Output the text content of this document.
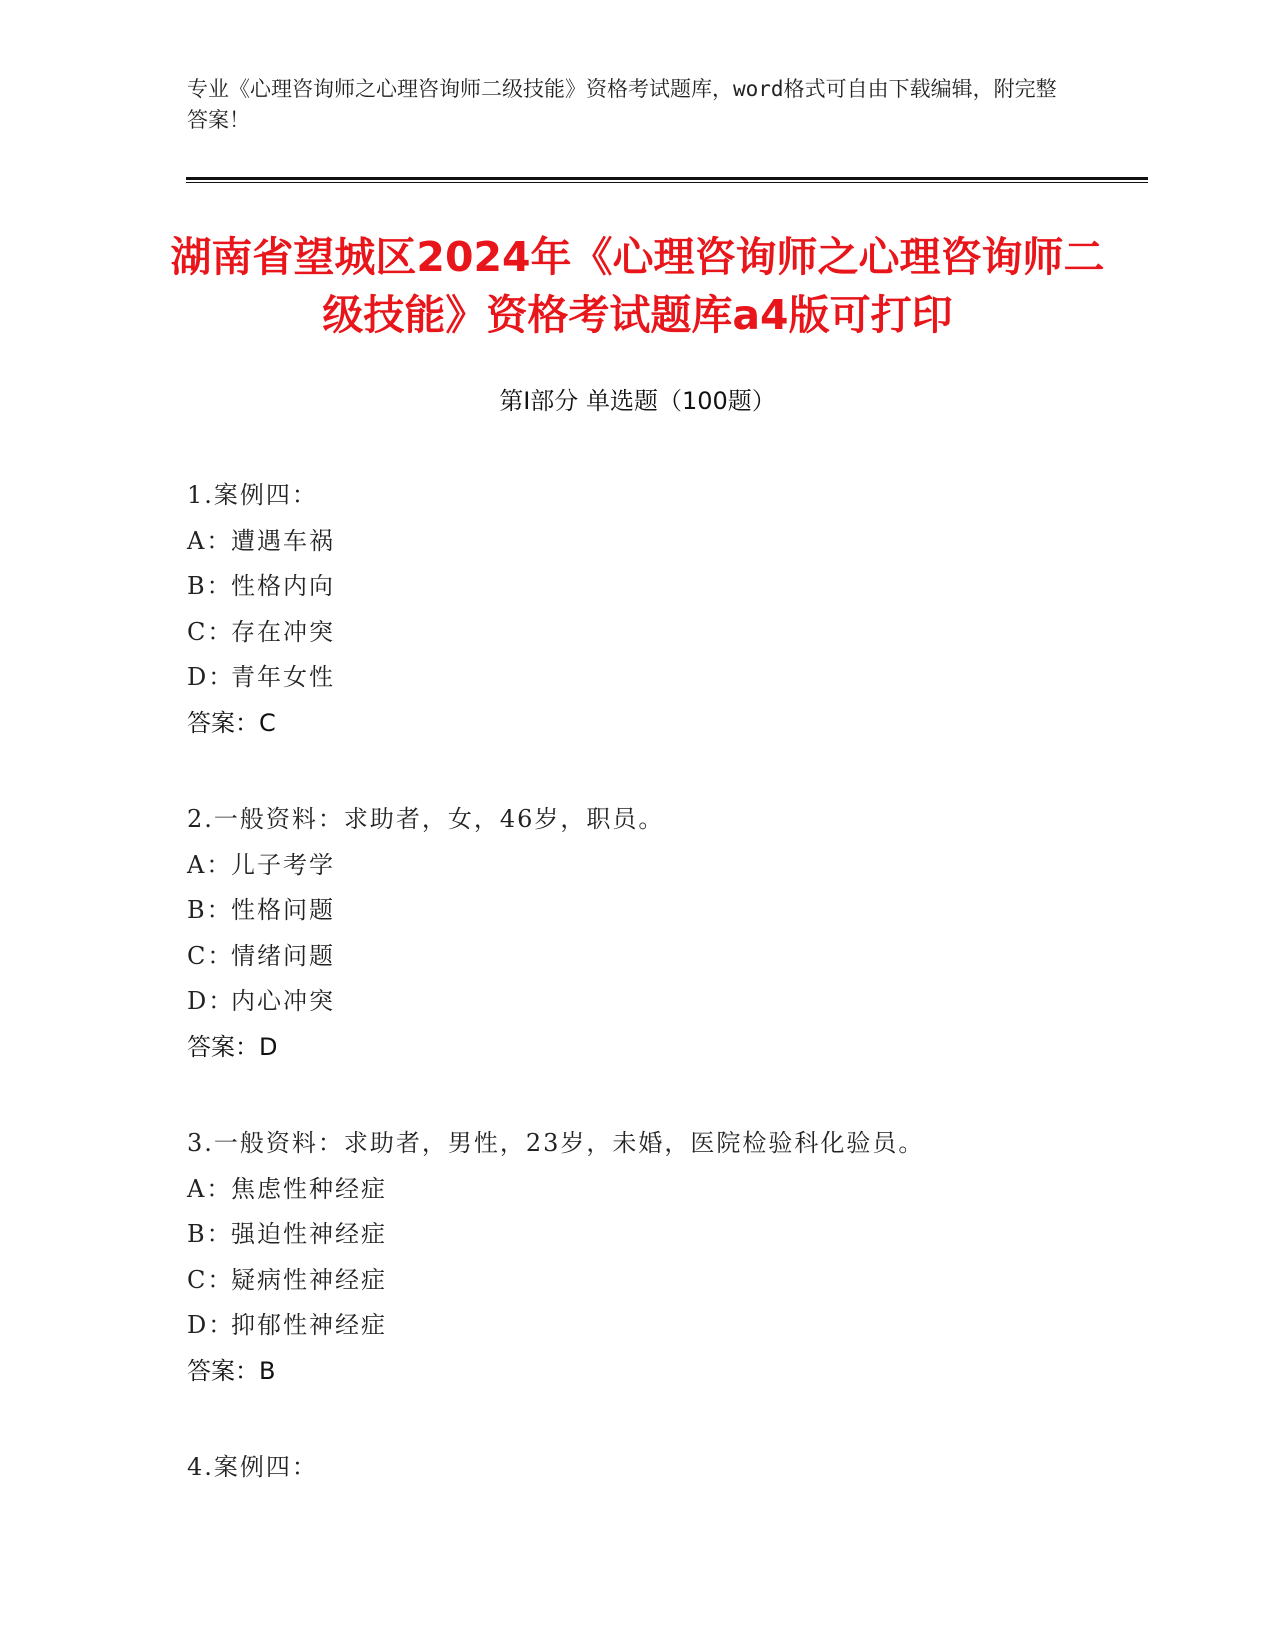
专业《心理咨询师之心理咨询师二级技能》资格考试题库，word格式可自由下载编辑，附完整答案！
湖南省望城区2024年《心理咨询师之心理咨询师二级技能》资格考试题库a4版可打印
第Ⅰ部分 单选题（100题）
1.案例四：
A：
遭遇车祸
B：
性格内向
C：
存在冲突
D：
青年女性
答案：C
2.一般资料：求助者，女，46岁，职员。
A：
儿子考学
B：
性格问题
C：
情绪问题
D：
内心冲突
答案：D
3.一般资料：求助者，男性，23岁，未婚，医院检验科化验员。
A：
焦虑性种经症
B：
强迫性神经症
C：
疑病性神经症
D：
抑郁性神经症
答案：B
4.案例四：
